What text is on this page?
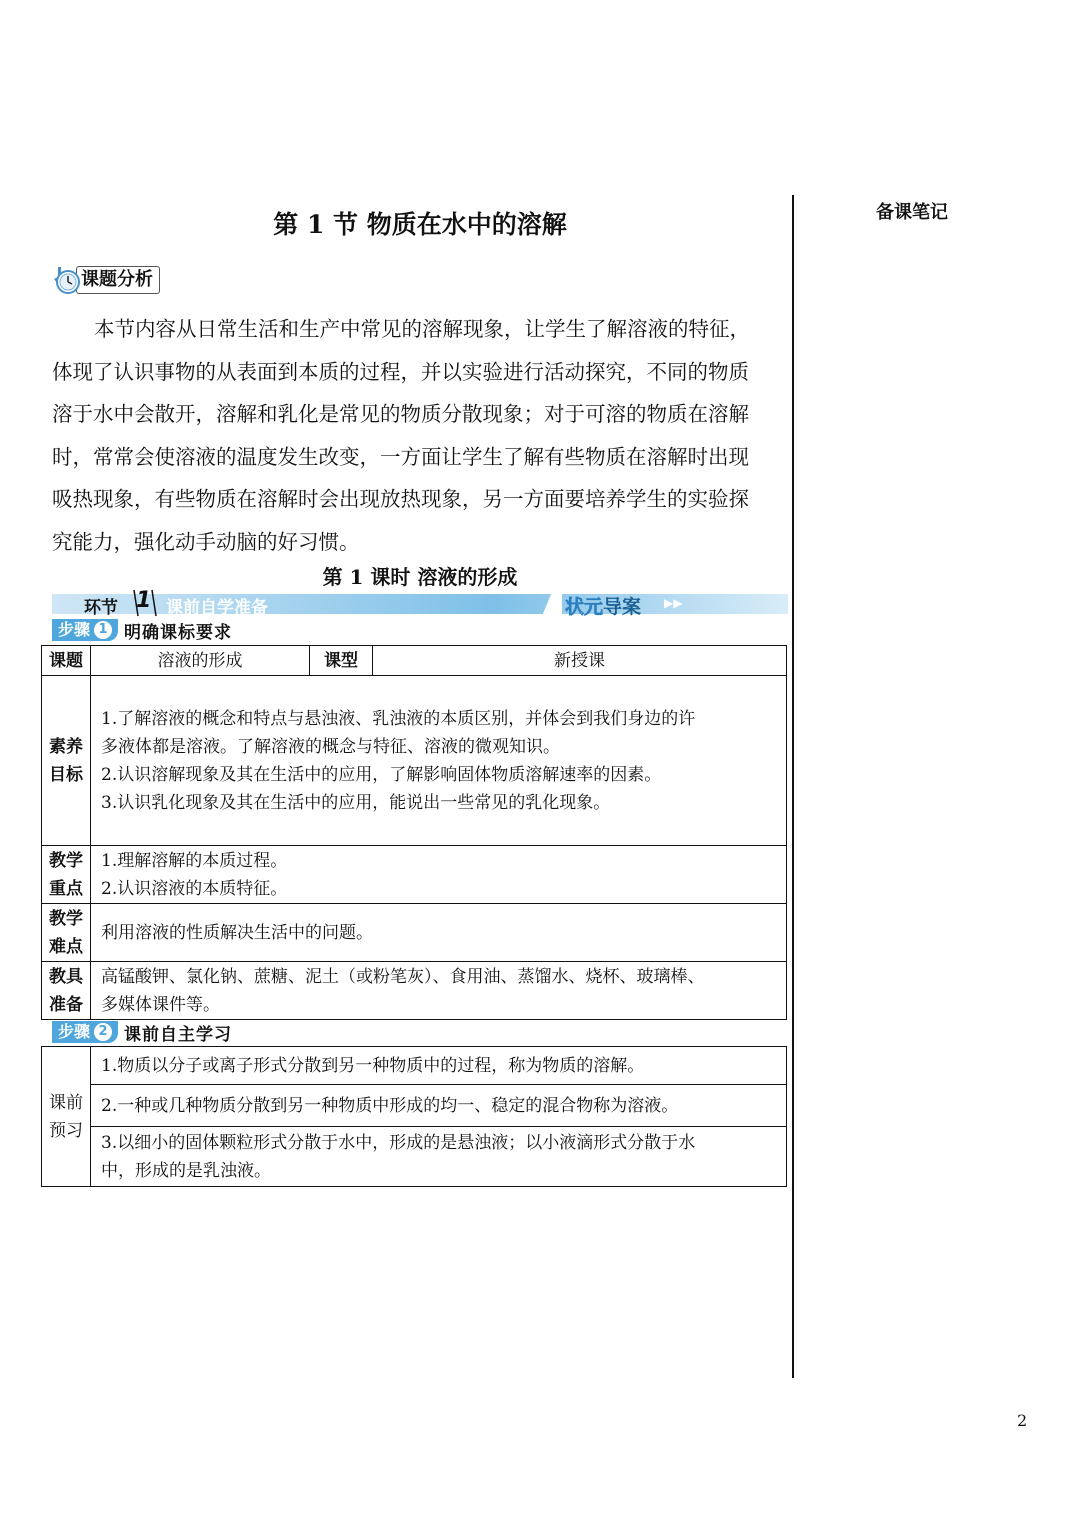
备课笔记
2
第 1 节 物质在水中的溶解
课题分析
本节内容从日常生活和生产中常见的溶解现象，让学生了解溶液的特征，
体现了认识事物的从表面到本质的过程，并以实验进行活动探究，不同的物质
溶于水中会散开，溶解和乳化是常见的物质分散现象；对于可溶的物质在溶解
时，常常会使溶液的温度发生改变，一方面让学生了解有些物质在溶解时出现
吸热现象，有些物质在溶解时会出现放热现象，另一方面要培养学生的实验探
究能力，强化动手动脑的好习惯。
第 1 课时 溶液的形成
环节 1 课前自学准备	状元导案 ▶▶
步骤 1 明确课标要求
课题	溶液的形成	课型	新授课

素养
目标	1.了解溶液的概念和特点与悬浊液、乳浊液的本质区别，并体会到我们身边的许
多液体都是溶液。了解溶液的概念与特征、溶液的微观知识。
2.认识溶解现象及其在生活中的应用，了解影响固体物质溶解速率的因素。
3.认识乳化现象及其在生活中的应用，能说出一些常见的乳化现象。		

教学
重点	1.理解溶解的本质过程。
2.认识溶液的本质特征。		

教学
难点	利用溶液的性质解决生活中的问题。		

教具
准备	高锰酸钾、氯化钠、蔗糖、泥土（或粉笔灰）、食用油、蒸馏水、烧杯、玻璃棒、
多媒体课件等。		
步骤 2 课前自主学习
课前
预习
	1.物质以分子或离子形式分散到另一种物质中的过程，称为物质的溶解。
2.一种或几种物质分散到另一种物质中形成的均一、稳定的混合物称为溶液。

3.以细小的固体颗粒形式分散于水中，形成的是悬浊液；以小液滴形式分散于水
中，形成的是乳浊液。
